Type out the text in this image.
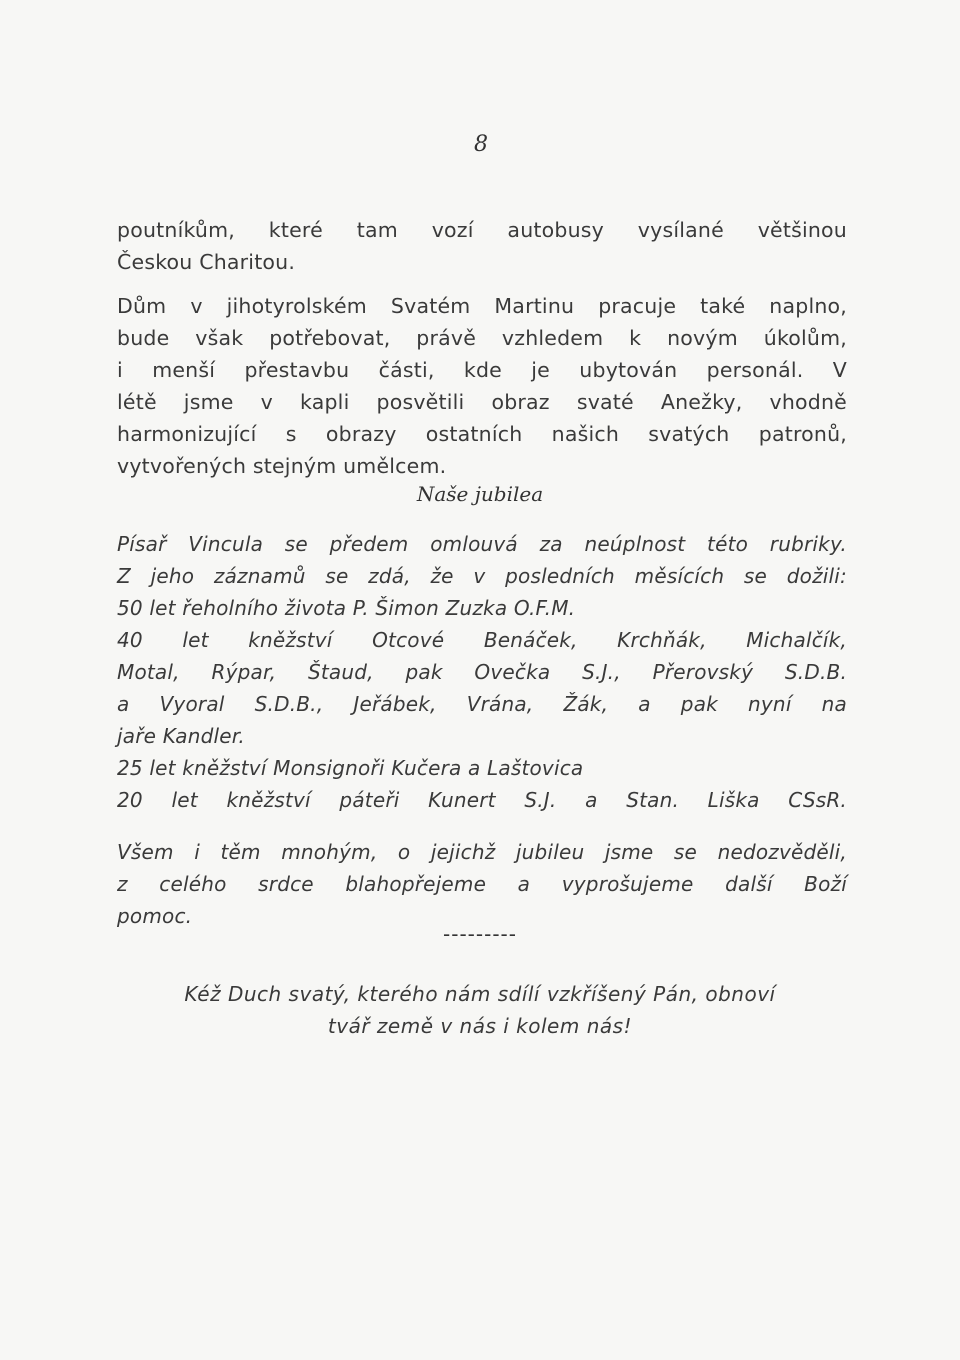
8
poutníkům, které tam vozí autobusy vysílané většinou
Českou Charitou.
Dům v jihotyrolském Svatém Martinu pracuje také naplno,
bude však potřebovat, právě vzhledem k novým úkolům,
i menší přestavbu části, kde je ubytován personál. V
létě jsme v kapli posvětili obraz svaté Anežky, vhodně
harmonizující s obrazy ostatních našich svatých patronů,
vytvořených stejným umělcem.
Naše jubilea
Písař Vincula se předem omlouvá za neúplnost této rubriky.
Z jeho záznamů se zdá, že v posledních měsících se dožili:
50 let řeholního života P. Šimon Zuzka O.F.M.
40 let kněžství Otcové Benáček, Krchňák, Michalčík,
Motal, Rýpar, Štaud, pak Ovečka S.J., Přerovský S.D.B.
a Vyoral S.D.B., Jeřábek, Vrána, Žák, a pak nyní na
jaře Kandler.
25 let kněžství Monsignoři Kučera a Laštovica
20 let kněžství páteři Kunert S.J. a Stan. Liška CSsR.
Všem i těm mnohým, o jejichž jubileu jsme se nedozvěděli,
z celého srdce blahopřejeme a vyprošujeme další Boží
pomoc.
---------
Kéž Duch svatý, kterého nám sdílí vzkříšený Pán, obnoví
tvář země v nás i kolem nás!
